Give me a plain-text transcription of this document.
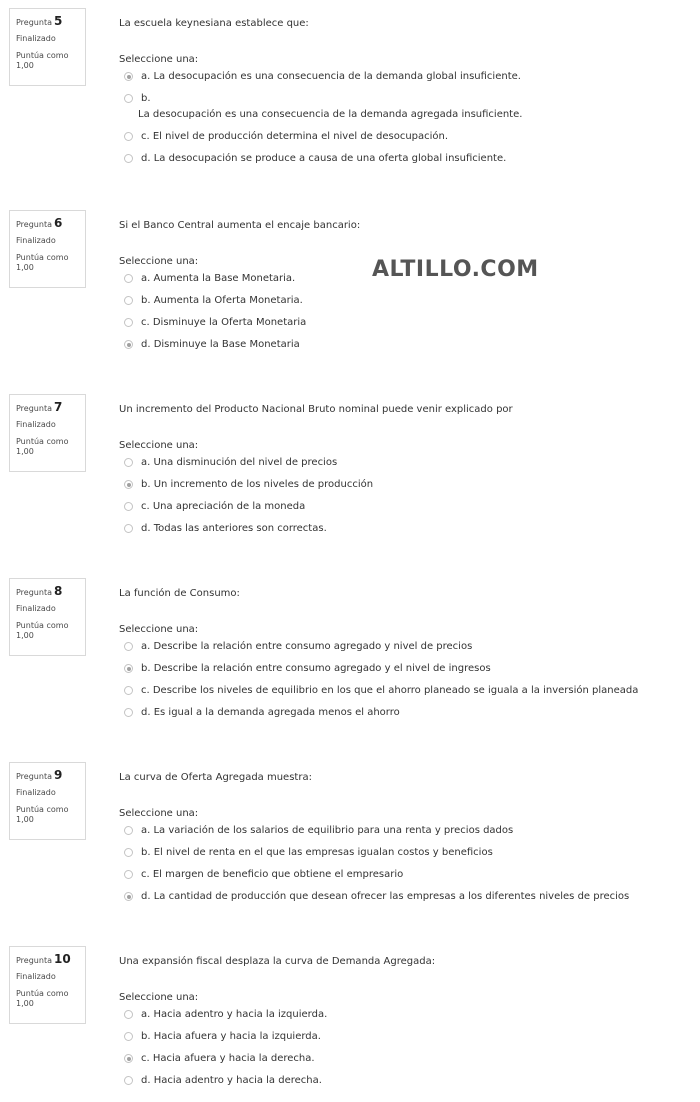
Pregunta 5
Finalizado
Puntúa como
1,00
La escuela keynesiana establece que:
Seleccione una:
a. La desocupación es una consecuencia de la demanda global insuficiente.
b.
La desocupación es una consecuencia de la demanda agregada insuficiente.
c. El nivel de producción determina el nivel de desocupación.
d. La desocupación se produce a causa de una oferta global insuficiente.
Pregunta 6
Finalizado
Puntúa como
1,00
Si el Banco Central aumenta el encaje bancario:
Seleccione una:
a. Aumenta la Base Monetaria.
b. Aumenta la Oferta Monetaria.
c. Disminuye la Oferta Monetaria
d. Disminuye la Base Monetaria
Pregunta 7
Finalizado
Puntúa como
1,00
Un incremento del Producto Nacional Bruto nominal puede venir explicado por
Seleccione una:
a. Una disminución del nivel de precios
b. Un incremento de los niveles de producción
c. Una apreciación de la moneda
d. Todas las anteriores son correctas.
Pregunta 8
Finalizado
Puntúa como
1,00
La función de Consumo:
Seleccione una:
a. Describe la relación entre consumo agregado y nivel de precios
b. Describe la relación entre consumo agregado y el nivel de ingresos
c. Describe los niveles de equilibrio en los que el ahorro planeado se iguala a la inversión planeada
d. Es igual a la demanda agregada menos el ahorro
Pregunta 9
Finalizado
Puntúa como
1,00
La curva de Oferta Agregada muestra:
Seleccione una:
a. La variación de los salarios de equilibrio para una renta y precios dados
b. El nivel de renta en el que las empresas igualan costos y beneficios
c. El margen de beneficio que obtiene el empresario
d. La cantidad de producción que desean ofrecer las empresas a los diferentes niveles de precios
Pregunta 10
Finalizado
Puntúa como
1,00
Una expansión fiscal desplaza la curva de Demanda Agregada:
Seleccione una:
a. Hacia adentro y hacia la izquierda.
b. Hacia afuera y hacia la izquierda.
c. Hacia afuera y hacia la derecha.
d. Hacia adentro y hacia la derecha.
ALTILLO.COM
